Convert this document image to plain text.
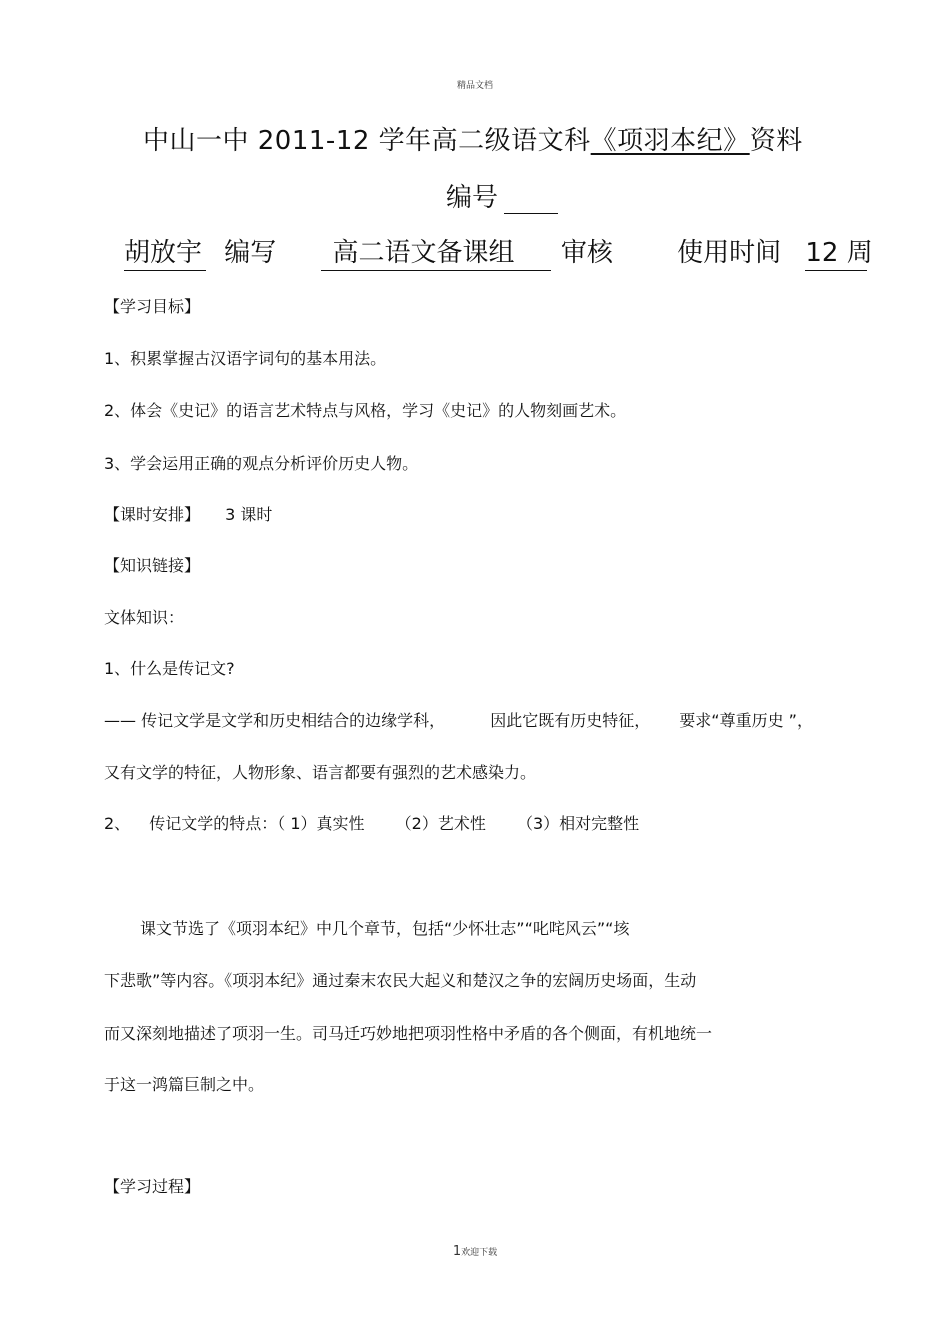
精品文档
中山一中 2011-12 学年高二级语文科《项羽本纪》资料
编号
胡放宇 编写 高二语文备课组 审核 使用时间 12 周
【学习目标】
1、积累掌握古汉语字词句的基本用法。
2、体会《史记》的语言艺术特点与风格，学习《史记》的人物刻画艺术。
3、学会运用正确的观点分析评价历史人物。
【课时安排】 3 课时
【知识链接】
文体知识：
1、什么是传记文?
—— 传记文学是文学和历史相结合的边缘学科，	因此它既有历史特征， 要求“尊重历史 ”，
又有文学的特征，人物形象、语言都要有强烈的艺术感染力。
2、 传记文学的特点：（ 1）真实性 （2）艺术性 （3）相对完整性
课文节选了《项羽本纪》中几个章节，包括“少怀壮志”“叱咤风云”“垓
下悲歌”等内容。《项羽本纪》通过秦末农民大起义和楚汉之争的宏阔历史场面，生动
而又深刻地描述了项羽一生。司马迁巧妙地把项羽性格中矛盾的各个侧面，有机地统一
于这一鸿篇巨制之中。
【学习过程】
1欢迎下载
